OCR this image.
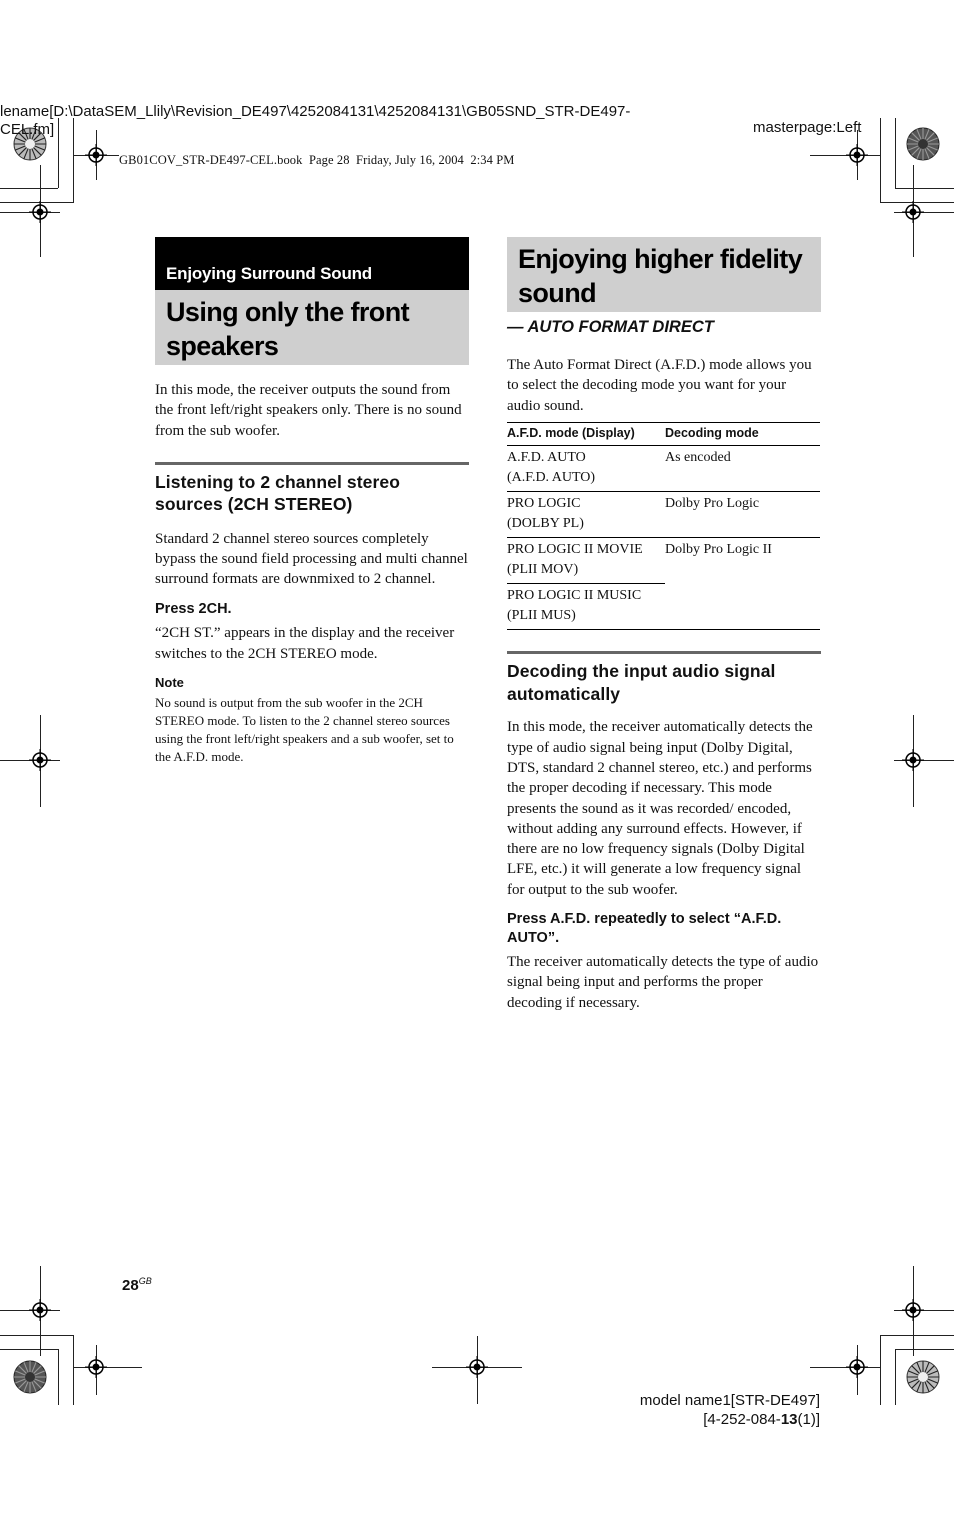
lename[D:\DataSEM_Llily\Revision_DE497\4252084131\4252084131\GB05SND_STR-DE497-
CEL.fm]	masterpage:Left
GB01COV_STR-DE497-CEL.book  Page 28  Friday, July 16, 2004  2:34 PM
Enjoying Surround Sound
Using only the front speakers

In this mode, the receiver outputs the sound from the front left/right speakers only. There is no sound from the sub woofer.

Listening to 2 channel stereo sources (2CH STEREO)

Standard 2 channel stereo sources completely bypass the sound field processing and multi channel surround formats are downmixed to 2 channel.

Press 2CH.

“2CH ST.” appears in the display and the receiver switches to the 2CH STEREO mode.

Note

No sound is output from the sub woofer in the 2CH STEREO mode. To listen to the 2 channel stereo sources using the front left/right speakers and a sub woofer, set to the A.F.D. mode.

Enjoying higher fidelity sound
— AUTO FORMAT DIRECT

The Auto Format Direct (A.F.D.) mode allows you to select the decoding mode you want for your audio sound.

A.F.D. mode (Display)	Decoding mode

A.F.D. AUTO
(A.F.D. AUTO)	As encoded

PRO LOGIC
(DOLBY PL)	Dolby Pro Logic

PRO LOGIC II MOVIE
(PLII MOV)	Dolby Pro Logic II

PRO LOGIC II MUSIC
(PLII MUS)	

Decoding the input audio signal automatically

In this mode, the receiver automatically detects the type of audio signal being input (Dolby Digital, DTS, standard 2 channel stereo, etc.) and performs the proper decoding if necessary. This mode presents the sound as it was recorded/ encoded, without adding any surround effects. However, if there are no low frequency signals (Dolby Digital LFE, etc.) it will generate a low frequency signal for output to the sub woofer.

Press A.F.D. repeatedly to select “A.F.D. AUTO”.

The receiver automatically detects the type of audio signal being input and performs the proper decoding if necessary.

$28^{GB}$
model name1[STR-DE497]
[4-252-084-13(1)]
